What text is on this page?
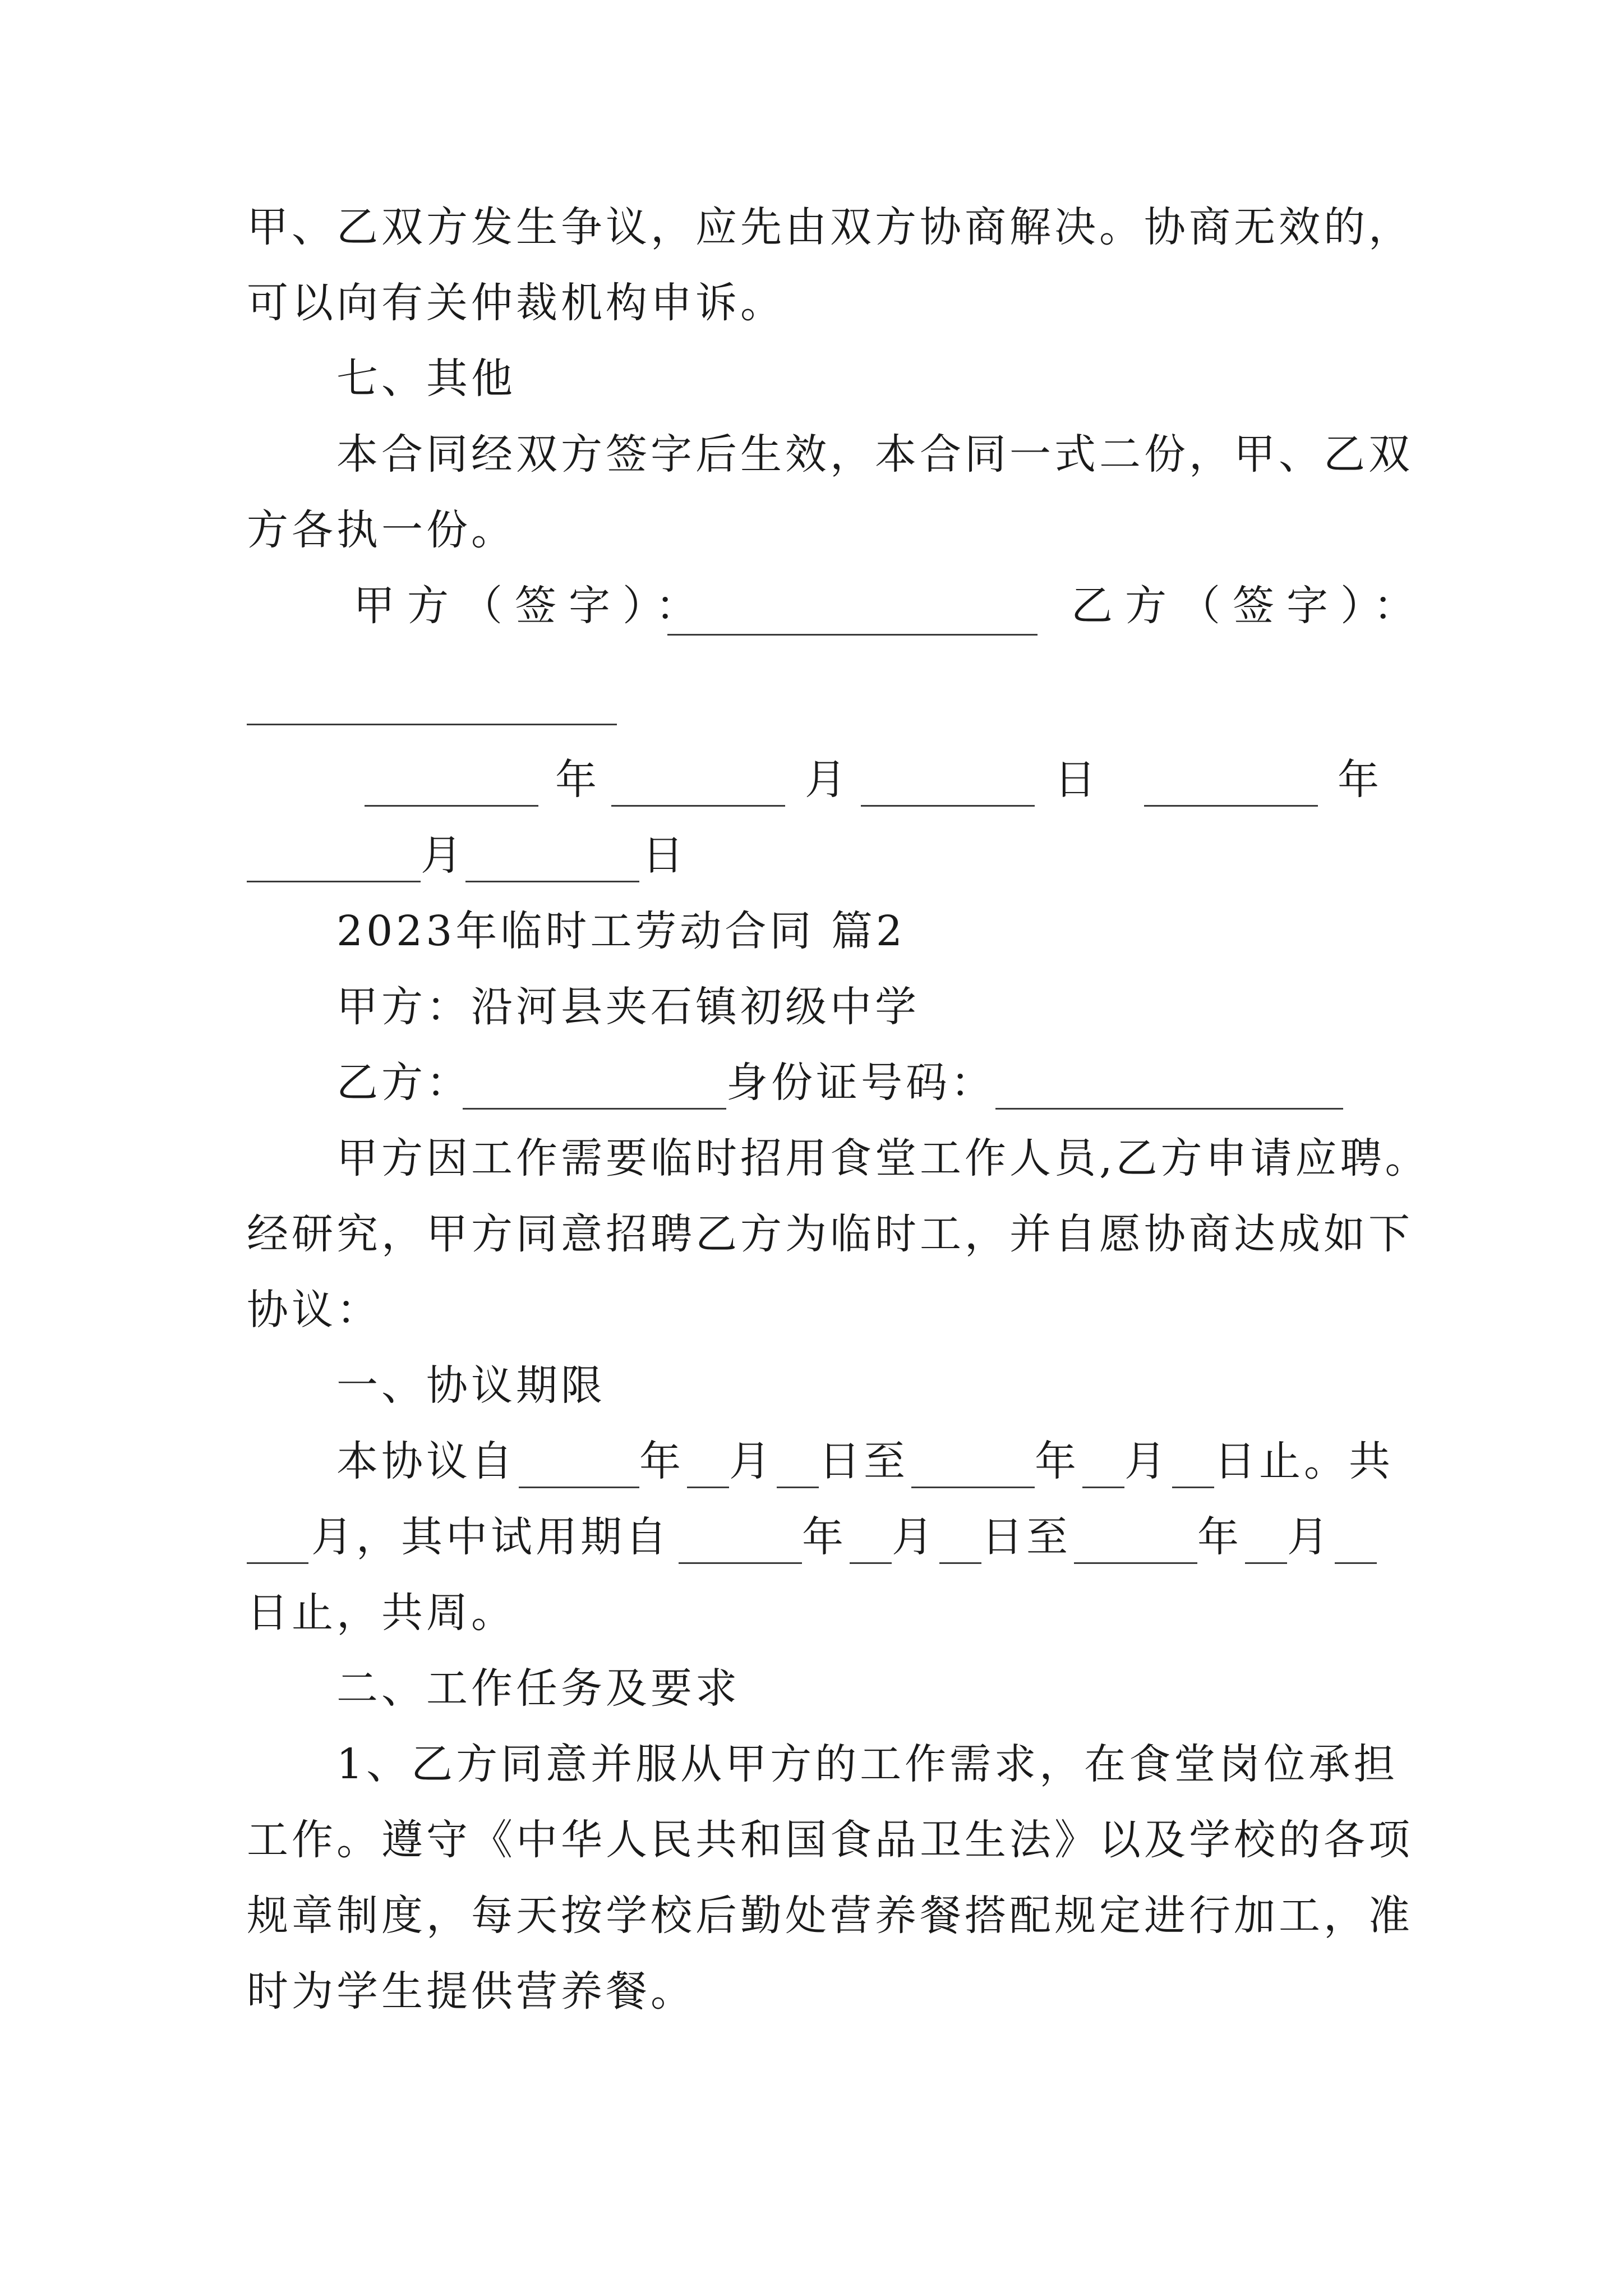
甲、乙双方发生争议，应先由双方协商解决。协商无效的，
可以向有关仲裁机构申诉。
七、其他
本合同经双方签字后生效，本合同一式二份，甲、乙双
方各执一份。
甲方（签字）：	乙方（签字）：
年	月	日	年
月	日
2023年临时工劳动合同 篇2
甲方：沿河县夹石镇初级中学
乙方：	身份证号码：
甲方因工作需要临时招用食堂工作人员,乙方申请应聘。
经研究，甲方同意招聘乙方为临时工，并自愿协商达成如下
协议：
一、协议期限
本协议自	年 月 日至	年 月 日止。共
月，其中试用期自	年 月 日至	年 月
日止，共周。
二、工作任务及要求
1、乙方同意并服从甲方的工作需求，在食堂岗位承担
工作。遵守《中华人民共和国食品卫生法》以及学校的各项
规章制度，每天按学校后勤处营养餐搭配规定进行加工，准
时为学生提供营养餐。
